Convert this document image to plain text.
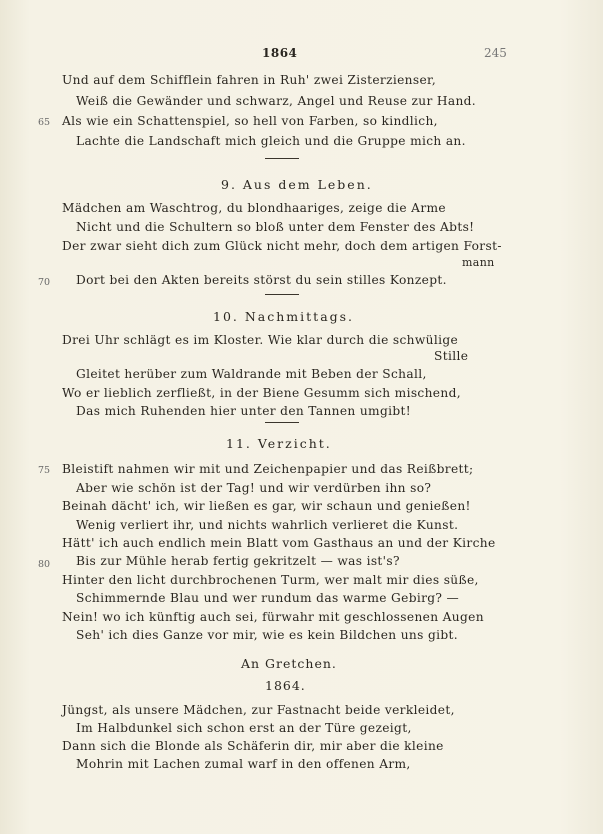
1864	245
Und auf dem Schifflein fahren in Ruh' zwei Zisterzienser,
Weiß die Gewänder und schwarz, Angel und Reuse zur Hand.
65 Als wie ein Schattenspiel, so hell von Farben, so kindlich,
Lachte die Landschaft mich gleich und die Gruppe mich an.
9. Aus dem Leben.
Mädchen am Waschtrog, du blondhaariges, zeige die Arme
Nicht und die Schultern so bloß unter dem Fenster des Abts!
Der zwar sieht dich zum Glück nicht mehr, doch dem artigen Forst-
mann
70 Dort bei den Akten bereits störst du sein stilles Konzept.
10. Nachmittags.
Drei Uhr schlägt es im Kloster. Wie klar durch die schwülige
Stille
Gleitet herüber zum Waldrande mit Beben der Schall,
Wo er lieblich zerfließt, in der Biene Gesumm sich mischend,
Das mich Ruhenden hier unter den Tannen umgibt!
11. Verzicht.
75 Bleistift nahmen wir mit und Zeichenpapier und das Reißbrett;
Aber wie schön ist der Tag! und wir verdürben ihn so?
Beinah dächt' ich, wir ließen es gar, wir schaun und genießen!
Wenig verliert ihr, und nichts wahrlich verlieret die Kunst.
Hätt' ich auch endlich mein Blatt vom Gasthaus an und der Kirche
80 Bis zur Mühle herab fertig gekritzelt — was ist's?
Hinter den licht durchbrochenen Turm, wer malt mir dies süße,
Schimmernde Blau und wer rundum das warme Gebirg? —
Nein! wo ich künftig auch sei, fürwahr mit geschlossenen Augen
Seh' ich dies Ganze vor mir, wie es kein Bildchen uns gibt.
An Gretchen.
1864.
Jüngst, als unsere Mädchen, zur Fastnacht beide verkleidet,
Im Halbdunkel sich schon erst an der Türe gezeigt,
Dann sich die Blonde als Schäferin dir, mir aber die kleine
Mohrin mit Lachen zumal warf in den offenen Arm,
